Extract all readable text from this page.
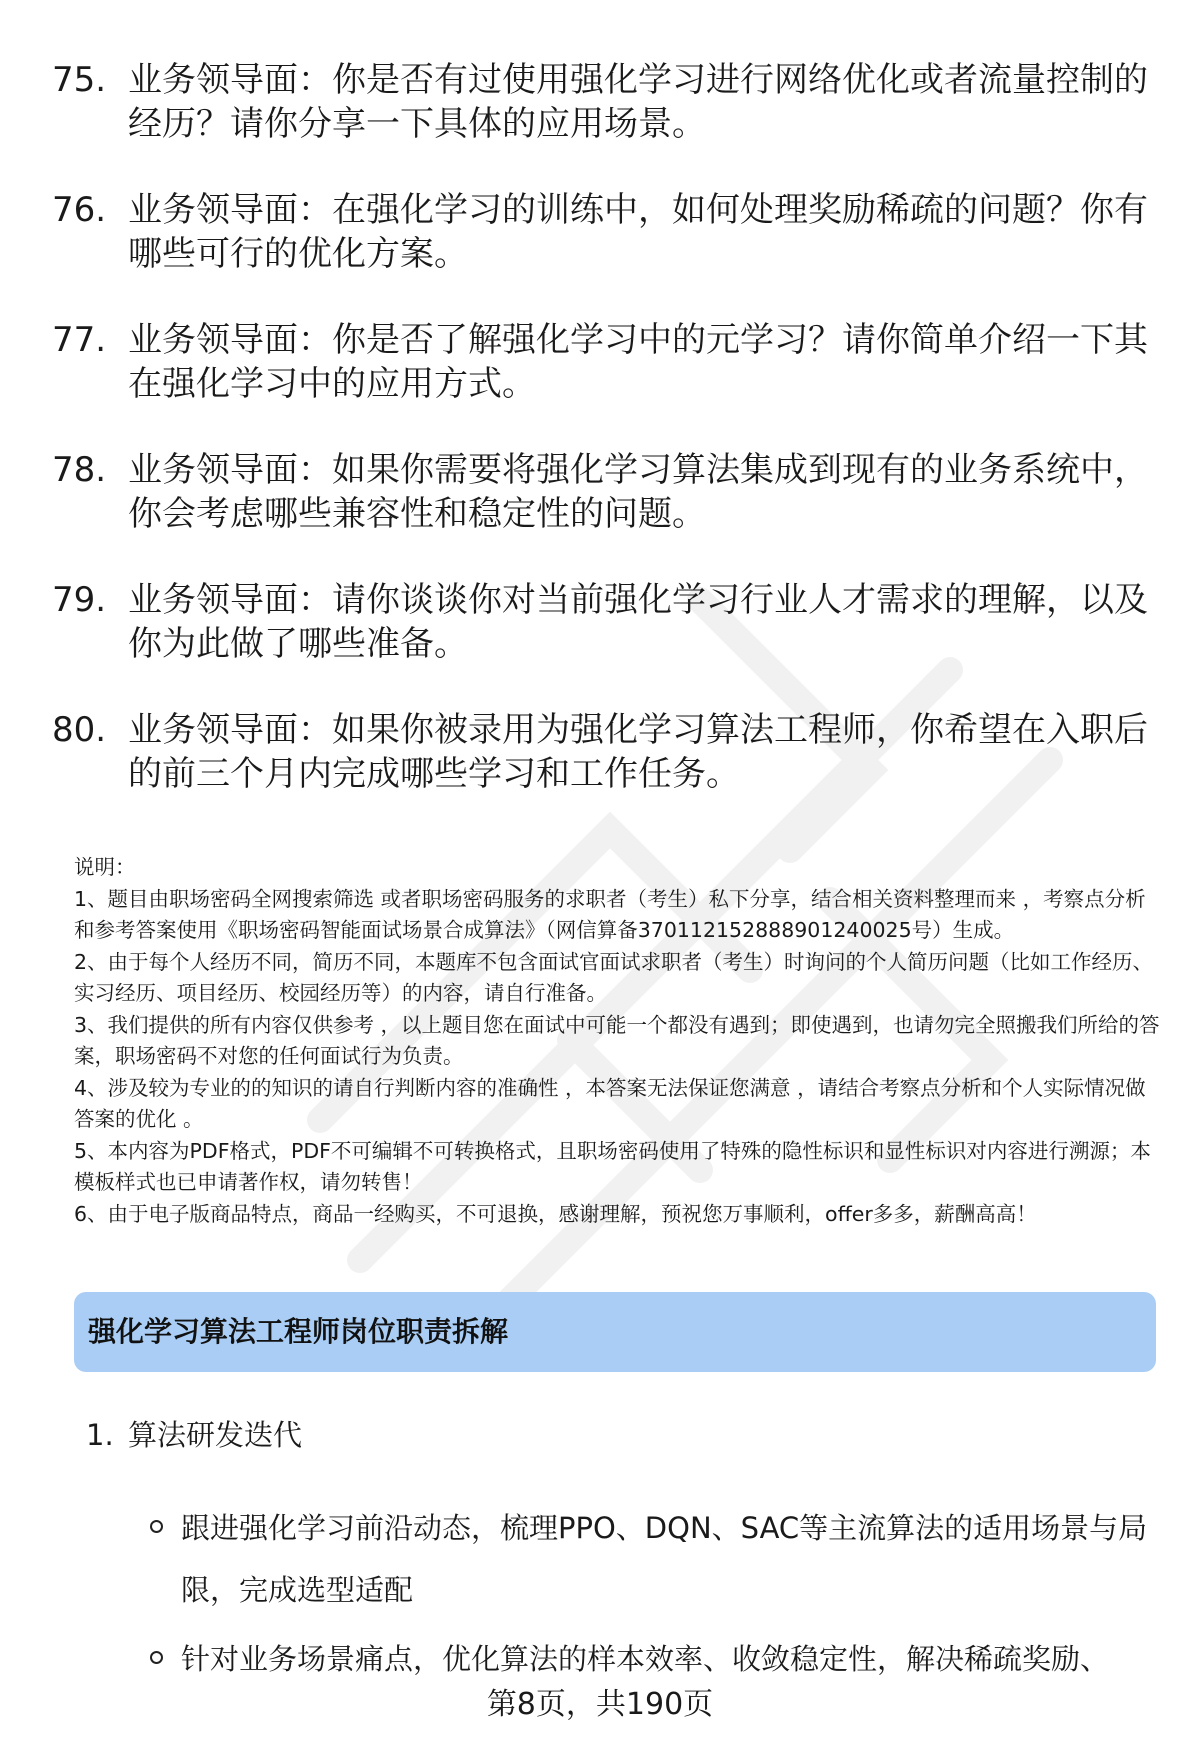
75. 业务领导面：你是否有过使用强化学习进行网络优化或者流量控制的经历？请你分享一下具体的应用场景。
76. 业务领导面：在强化学习的训练中，如何处理奖励稀疏的问题？你有哪些可行的优化方案。
77. 业务领导面：你是否了解强化学习中的元学习？请你简单介绍一下其在强化学习中的应用方式。
78. 业务领导面：如果你需要将强化学习算法集成到现有的业务系统中，你会考虑哪些兼容性和稳定性的问题。
79. 业务领导面：请你谈谈你对当前强化学习行业人才需求的理解，以及你为此做了哪些准备。
80. 业务领导面：如果你被录用为强化学习算法工程师，你希望在入职后的前三个月内完成哪些学习和工作任务。

说明：

1、题目由职场密码全网搜索筛选 或者职场密码服务的求职者（考生）私下分享，结合相关资料整理而来 ，考察点分析和参考答案使用《职场密码智能面试场景合成算法》（网信算备370112152888901240025号）生成。

2、由于每个人经历不同，简历不同，本题库不包含面试官面试求职者（考生）时询问的个人简历问题（比如工作经历、实习经历、项目经历、校园经历等）的内容，请自行准备。

3、我们提供的所有内容仅供参考 ，以上题目您在面试中可能一个都没有遇到；即使遇到，也请勿完全照搬我们所给的答案，职场密码不对您的任何面试行为负责。

4、涉及较为专业的的知识的请自行判断内容的准确性 ，本答案无法保证您满意 ，请结合考察点分析和个人实际情况做答案的优化 。

5、本内容为PDF格式，PDF不可编辑不可转换格式，且职场密码使用了特殊的隐性标识和显性标识对内容进行溯源；本模板样式也已申请著作权，请勿转售！

6、由于电子版商品特点，商品一经购买，不可退换，感谢理解，预祝您万事顺利，offer多多，薪酬高高！

强化学习算法工程师岗位职责拆解
1. 算法研发迭代
跟进强化学习前沿动态，梳理PPO、DQN、SAC等主流算法的适用场景与局限，完成选型适配
针对业务场景痛点，优化算法的样本效率、收敛稳定性，解决稀疏奖励、
第8页，共190页
